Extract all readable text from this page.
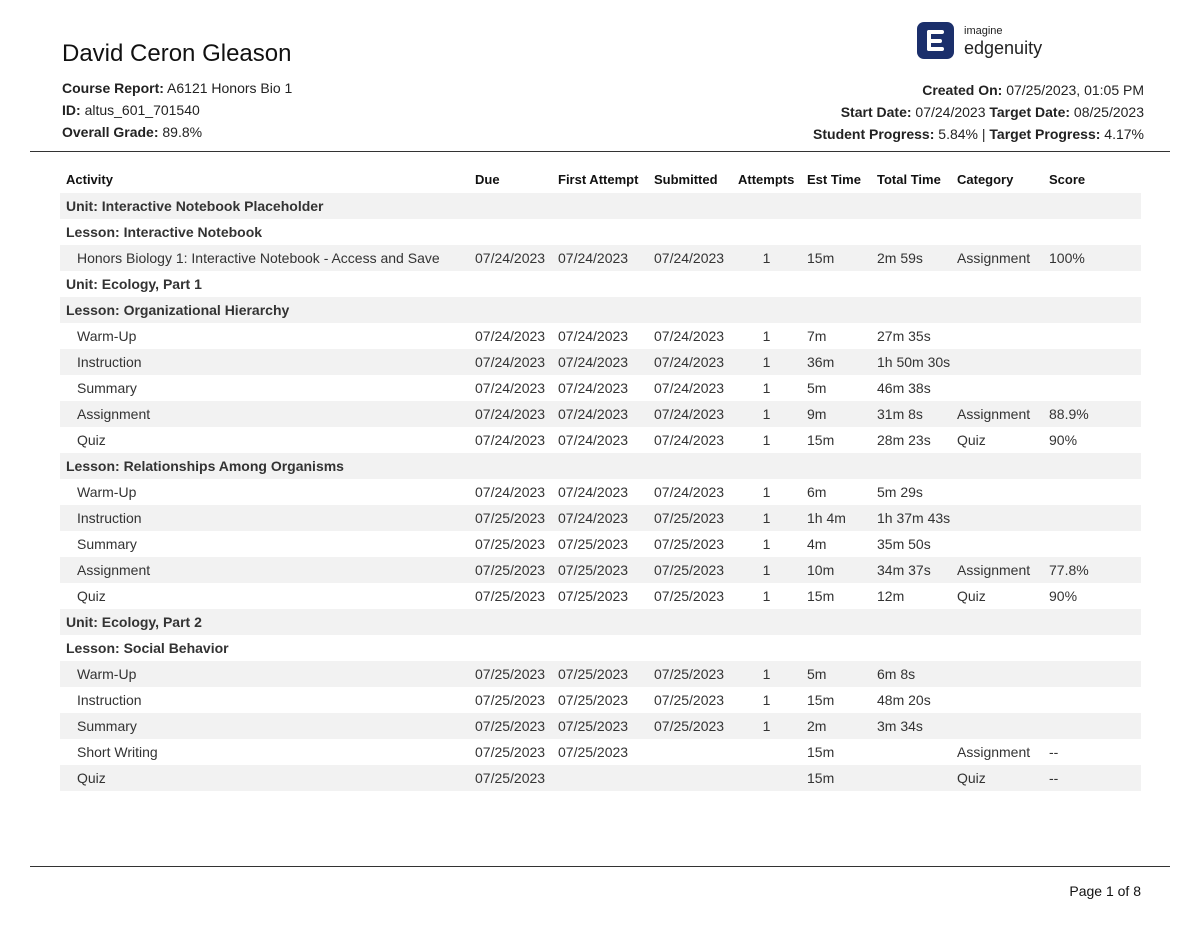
David Ceron Gleason
imagine
edgenuity
Course Report: A6121 Honors Bio 1
ID: altus_601_701540
Overall Grade: 89.8%
Created On: 07/25/2023, 01:05 PM
Start Date: 07/24/2023 Target Date: 08/25/2023
Student Progress: 5.84% | Target Progress: 4.17%
Activity	Due	First Attempt	Submitted	Attempts	Est Time	Total Time	Category	Score
Unit: Interactive Notebook Placeholder								
Lesson: Interactive Notebook								
Honors Biology 1: Interactive Notebook - Access and Save	07/24/2023	07/24/2023	07/24/2023	1	15m	2m 59s	Assignment	100%
Unit: Ecology, Part 1								
Lesson: Organizational Hierarchy								
Warm-Up	07/24/2023	07/24/2023	07/24/2023	1	7m	27m 35s		
Instruction	07/24/2023	07/24/2023	07/24/2023	1	36m	1h 50m 30s		
Summary	07/24/2023	07/24/2023	07/24/2023	1	5m	46m 38s		
Assignment	07/24/2023	07/24/2023	07/24/2023	1	9m	31m 8s	Assignment	88.9%
Quiz	07/24/2023	07/24/2023	07/24/2023	1	15m	28m 23s	Quiz	90%
Lesson: Relationships Among Organisms								
Warm-Up	07/24/2023	07/24/2023	07/24/2023	1	6m	5m 29s		
Instruction	07/25/2023	07/24/2023	07/25/2023	1	1h 4m	1h 37m 43s		
Summary	07/25/2023	07/25/2023	07/25/2023	1	4m	35m 50s		
Assignment	07/25/2023	07/25/2023	07/25/2023	1	10m	34m 37s	Assignment	77.8%
Quiz	07/25/2023	07/25/2023	07/25/2023	1	15m	12m	Quiz	90%
Unit: Ecology, Part 2								
Lesson: Social Behavior								
Warm-Up	07/25/2023	07/25/2023	07/25/2023	1	5m	6m 8s		
Instruction	07/25/2023	07/25/2023	07/25/2023	1	15m	48m 20s		
Summary	07/25/2023	07/25/2023	07/25/2023	1	2m	3m 34s		
Short Writing	07/25/2023	07/25/2023			15m		Assignment	--
Quiz	07/25/2023				15m		Quiz	--
Page 1 of 8
